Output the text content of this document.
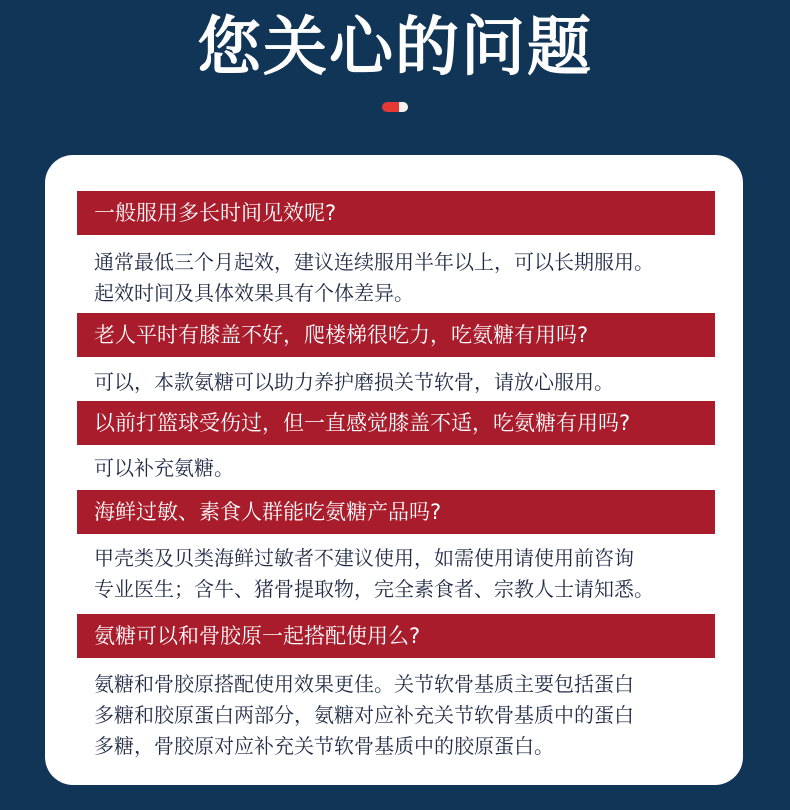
您关心的问题
一般服用多长时间见效呢?
通常最低三个月起效，建议连续服用半年以上，可以长期服用。
起效时间及具体效果具有个体差异。
老人平时有膝盖不好，爬楼梯很吃力，吃氨糖有用吗?
可以，本款氨糖可以助力养护磨损关节软骨，请放心服用。
以前打篮球受伤过，但一直感觉膝盖不适，吃氨糖有用吗?
可以补充氨糖。
海鲜过敏、素食人群能吃氨糖产品吗?
甲壳类及贝类海鲜过敏者不建议使用，如需使用请使用前咨询
专业医生；含牛、猪骨提取物，完全素食者、宗教人士请知悉。
氨糖可以和骨胶原一起搭配使用么?
氨糖和骨胶原搭配使用效果更佳。关节软骨基质主要包括蛋白
多糖和胶原蛋白两部分，氨糖对应补充关节软骨基质中的蛋白
多糖，骨胶原对应补充关节软骨基质中的胶原蛋白。
